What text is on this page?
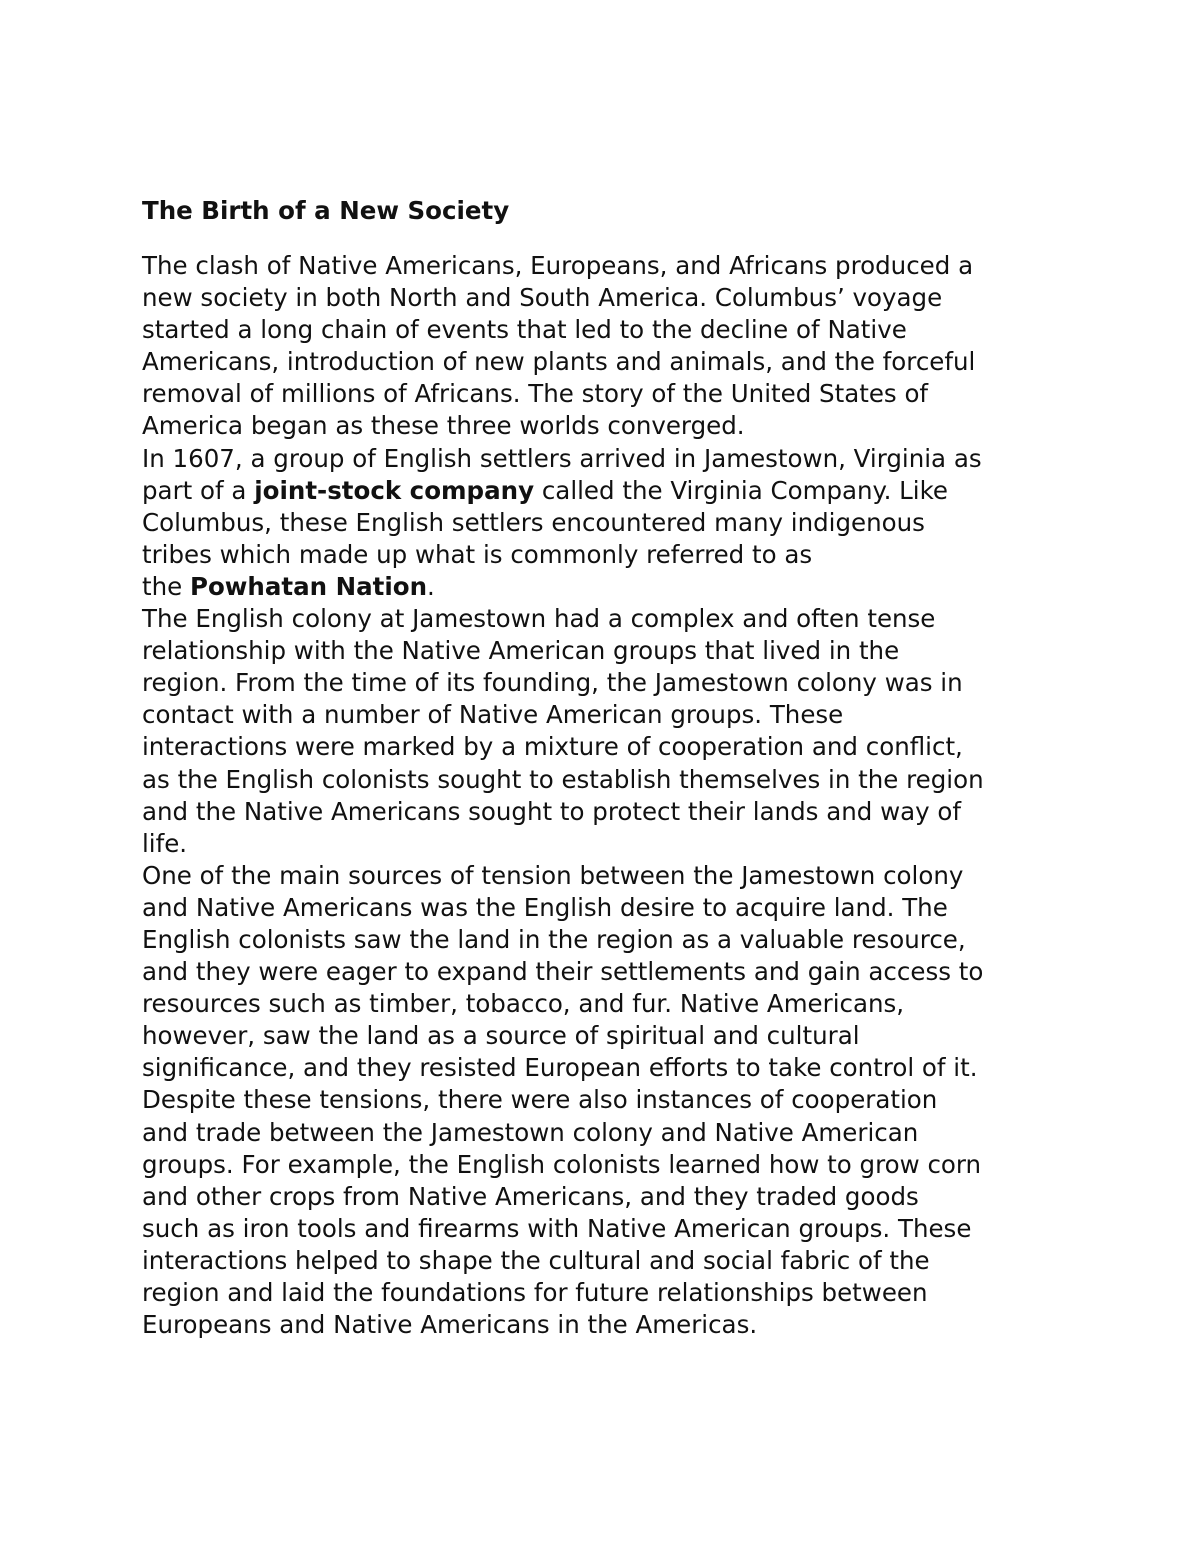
The Birth of a New Society
The clash of Native Americans, Europeans, and Africans produced a
new society in both North and South America. Columbus’ voyage
started a long chain of events that led to the decline of Native
Americans, introduction of new plants and animals, and the forceful
removal of millions of Africans. The story of the United States of
America began as these three worlds converged.
In 1607, a group of English settlers arrived in Jamestown, Virginia as
part of a joint-stock company called the Virginia Company. Like
Columbus, these English settlers encountered many indigenous
tribes which made up what is commonly referred to as
the Powhatan Nation.
The English colony at Jamestown had a complex and often tense
relationship with the Native American groups that lived in the
region. From the time of its founding, the Jamestown colony was in
contact with a number of Native American groups. These
interactions were marked by a mixture of cooperation and conflict,
as the English colonists sought to establish themselves in the region
and the Native Americans sought to protect their lands and way of
life.
One of the main sources of tension between the Jamestown colony
and Native Americans was the English desire to acquire land. The
English colonists saw the land in the region as a valuable resource,
and they were eager to expand their settlements and gain access to
resources such as timber, tobacco, and fur. Native Americans,
however, saw the land as a source of spiritual and cultural
significance, and they resisted European efforts to take control of it.
Despite these tensions, there were also instances of cooperation
and trade between the Jamestown colony and Native American
groups. For example, the English colonists learned how to grow corn
and other crops from Native Americans, and they traded goods
such as iron tools and firearms with Native American groups. These
interactions helped to shape the cultural and social fabric of the
region and laid the foundations for future relationships between
Europeans and Native Americans in the Americas.
